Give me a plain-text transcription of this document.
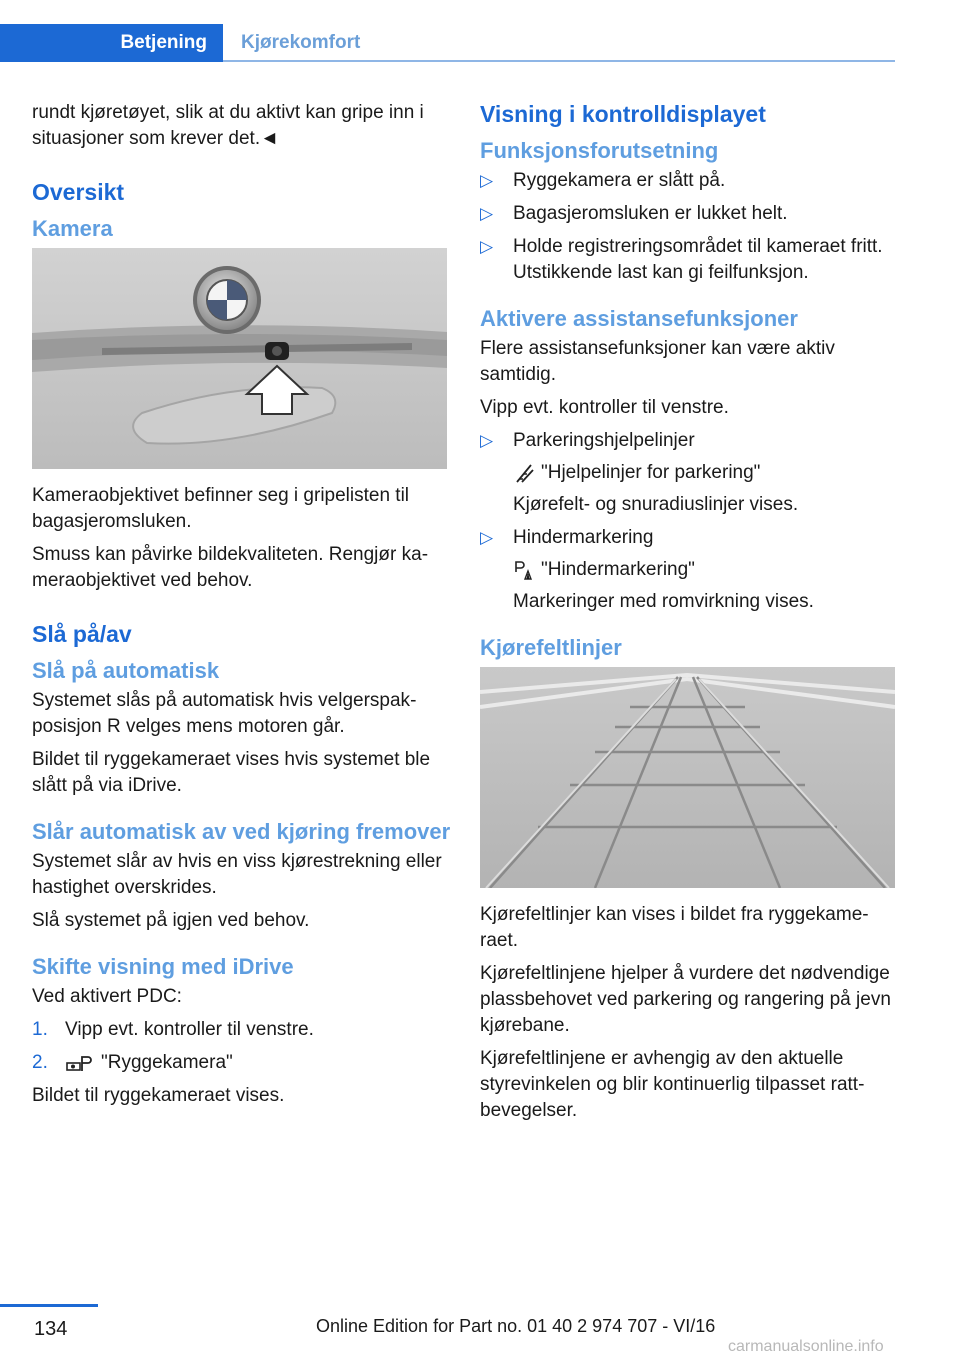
Betjening	Kjørekomfort

rundt kjøretøyet, slik at du aktivt kan gripe inn i situasjoner som krever det.◄

Oversikt
Kamera

Kameraobjektivet befinner seg i gripelisten til bagasjeromsluken.

Smuss kan påvirke bildekvaliteten. Rengjør kameraobjektivet ved behov.

Slå på/av
Slå på automatisk

Systemet slås på automatisk hvis velgerspakposisjon R velges mens motoren går.

Bildet til ryggekameraet vises hvis systemet ble slått på via iDrive.

Slår automatisk av ved kjøring fremover

Systemet slår av hvis en viss kjørestrekning eller hastighet overskrides.

Slå systemet på igjen ved behov.

Skifte visning med iDrive

Ved aktivert PDC:

1. Vipp evt. kontroller til venstre.
2.	"Ryggekamera"

Bildet til ryggekameraet vises.

Visning i kontrolldisplayet
Funksjonsforutsetning
▷ Ryggekamera er slått på.
▷ Bagasjeromsluken er lukket helt.
▷ Holde registreringsområdet til kameraet fritt. Utstikkende last kan gi feilfunksjon.
Aktivere assistansefunksjoner

Flere assistansefunksjoner kan være aktiv samtidig.

Vipp evt. kontroller til venstre.

▷ Parkeringshjelpelinjer
"Hjelpelinjer for parkering"
Kjørefelt- og snuradiuslinjer vises.
▷ Hindermarkering
"Hindermarkering"
Markeringer med romvirkning vises.
Kjørefeltlinjer

Kjørefeltlinjer kan vises i bildet fra ryggekameraet.

Kjørefeltlinjene hjelper å vurdere det nødvendige plassbehovet ved parkering og rangering på jevn kjørebane.

Kjørefeltlinjene er avhengig av den aktuelle styrevinkelen og blir kontinuerlig tilpasset rattbevegelser.

134	Online Edition for Part no. 01 40 2 974 707 - VI/16
carmanualsonline.info
